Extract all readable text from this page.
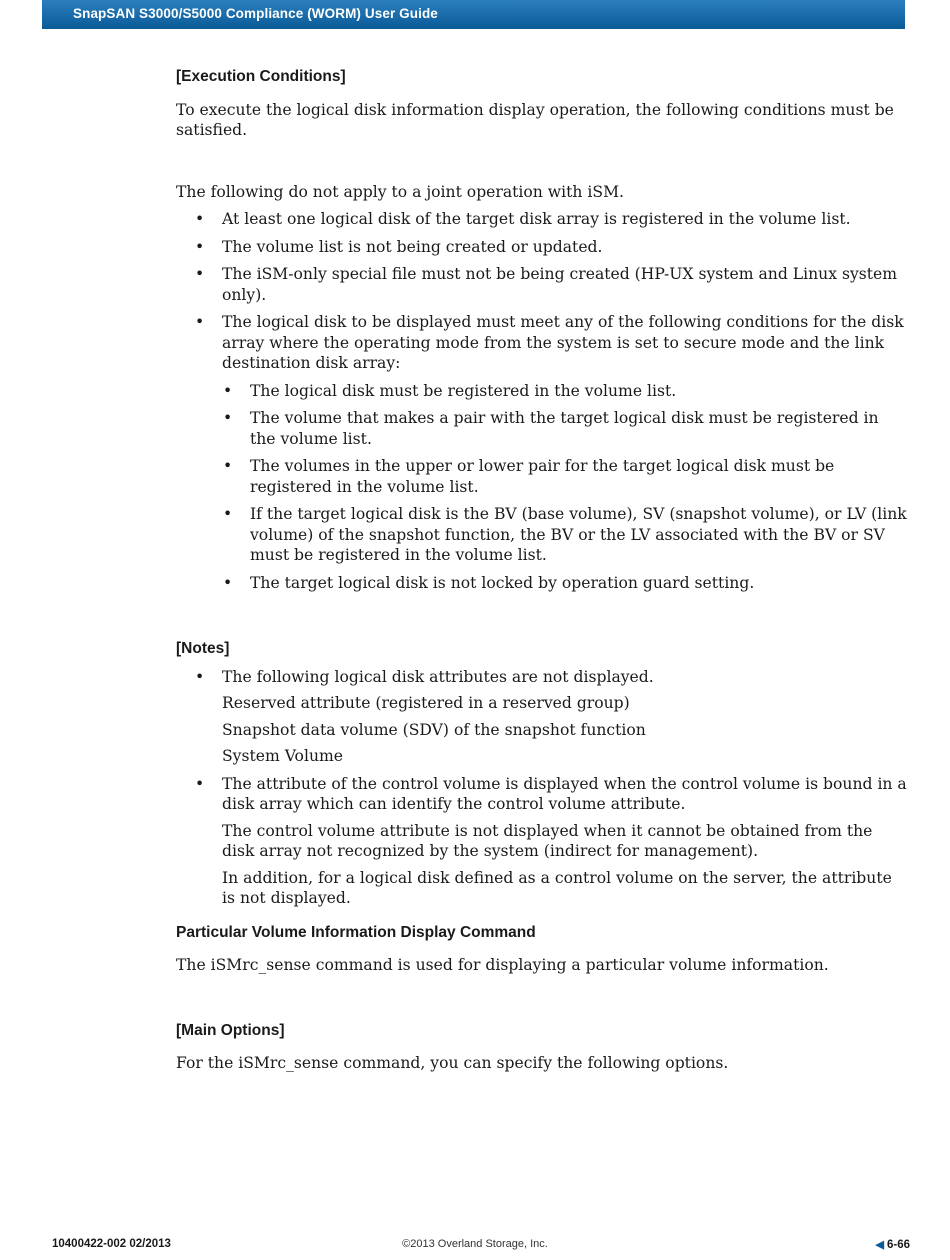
SnapSAN S3000/S5000 Compliance (WORM) User Guide
[Execution Conditions]

To execute the logical disk information display operation, the following conditions must be satisfied.

The following do not apply to a joint operation with iSM.

• At least one logical disk of the target disk array is registered in the volume list.
• The volume list is not being created or updated.
• The iSM-only special file must not be being created (HP-UX system and Linux system only).
• The logical disk to be displayed must meet any of the following conditions for the disk array where the operating mode from the system is set to secure mode and the link destination disk array:
• The logical disk must be registered in the volume list.
• The volume that makes a pair with the target logical disk must be registered in the volume list.
• The volumes in the upper or lower pair for the target logical disk must be registered in the volume list.
• If the target logical disk is the BV (base volume), SV (snapshot volume), or LV (link volume) of the snapshot function, the BV or the LV associated with the BV or SV must be registered in the volume list.
• The target logical disk is not locked by operation guard setting.
[Notes]
• The following logical disk attributes are not displayed.

Reserved attribute (registered in a reserved group)

Snapshot data volume (SDV) of the snapshot function

System Volume

• The attribute of the control volume is displayed when the control volume is bound in a disk array which can identify the control volume attribute.

The control volume attribute is not displayed when it cannot be obtained from the disk array not recognized by the system (indirect for management).

In addition, for a logical disk defined as a control volume on the server, the attribute is not displayed.

Particular Volume Information Display Command

The iSMrc_sense command is used for displaying a particular volume information.

[Main Options]

For the iSMrc_sense command, you can specify the following options.

10400422-002 02/2013	©2013 Overland Storage, Inc.	◀ 6-66
